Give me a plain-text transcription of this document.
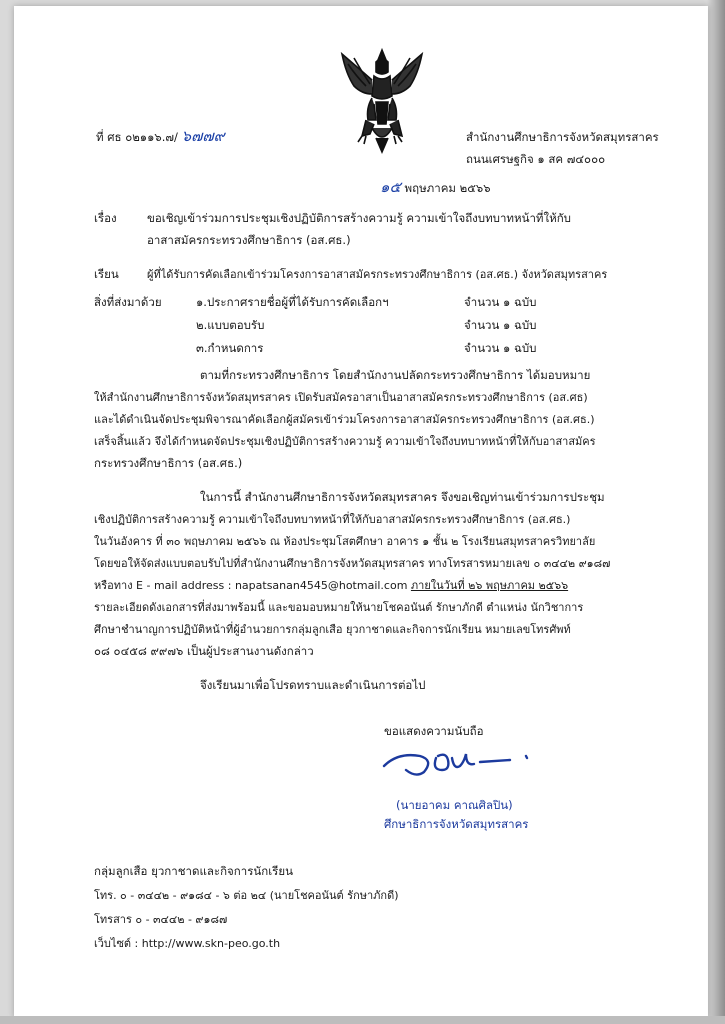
ที่ ศธ ๐๒๑๑๖.๗/ ๖๗๗๙	สำนักงานศึกษาธิการจังหวัดสมุทรสาคร
ถนนเศรษฐกิจ ๑ สค ๗๔๐๐๐
๑๕ พฤษภาคม ๒๕๖๖
เรื่อง	ขอเชิญเข้าร่วมการประชุมเชิงปฏิบัติการสร้างความรู้ ความเข้าใจถึงบทบาทหน้าที่ให้กับ
อาสาสมัครกระทรวงศึกษาธิการ (อส.ศธ.)
เรียน	ผู้ที่ได้รับการคัดเลือกเข้าร่วมโครงการอาสาสมัครกระทรวงศึกษาธิการ (อส.ศธ.) จังหวัดสมุทรสาคร
สิ่งที่ส่งมาด้วย	๑.ประกาศรายชื่อผู้ที่ได้รับการคัดเลือกฯ	จำนวน ๑ ฉบับ
๒.แบบตอบรับ	จำนวน ๑ ฉบับ
๓.กำหนดการ	จำนวน ๑ ฉบับ
ตามที่กระทรวงศึกษาธิการ โดยสำนักงานปลัดกระทรวงศึกษาธิการ ได้มอบหมาย
ให้สำนักงานศึกษาธิการจังหวัดสมุทรสาคร เปิดรับสมัครอาสาเป็นอาสาสมัครกระทรวงศึกษาธิการ (อส.ศธ)
และได้ดำเนินจัดประชุมพิจารณาคัดเลือกผู้สมัครเข้าร่วมโครงการอาสาสมัครกระทรวงศึกษาธิการ (อส.ศธ.)
เสร็จสิ้นแล้ว จึงได้กำหนดจัดประชุมเชิงปฏิบัติการสร้างความรู้ ความเข้าใจถึงบทบาทหน้าที่ให้กับอาสาสมัคร
กระทรวงศึกษาธิการ (อส.ศธ.)
ในการนี้ สำนักงานศึกษาธิการจังหวัดสมุทรสาคร จึงขอเชิญท่านเข้าร่วมการประชุม
เชิงปฏิบัติการสร้างความรู้ ความเข้าใจถึงบทบาทหน้าที่ให้กับอาสาสมัครกระทรวงศึกษาธิการ (อส.ศธ.)
ในวันอังคาร ที่ ๓๐ พฤษภาคม ๒๕๖๖ ณ ห้องประชุมโสตศึกษา อาคาร ๑ ชั้น ๒ โรงเรียนสมุทรสาครวิทยาลัย
โดยขอให้จัดส่งแบบตอบรับไปที่สำนักงานศึกษาธิการจังหวัดสมุทรสาคร ทางโทรสารหมายเลข ๐ ๓๔๔๒ ๙๑๘๗
หรือทาง E - mail address : napatsanan4545@hotmail.com ภายในวันที่ ๒๖ พฤษภาคม ๒๕๖๖
รายละเอียดดังเอกสารที่ส่งมาพร้อมนี้ และขอมอบหมายให้นายโชคอนันต์ รักษาภักดี ตำแหน่ง นักวิชาการ
ศึกษาชำนาญการปฏิบัติหน้าที่ผู้อำนวยการกลุ่มลูกเสือ ยุวกาชาดและกิจการนักเรียน หมายเลขโทรศัพท์
๐๘ ๐๔๕๘ ๙๙๗๖ เป็นผู้ประสานงานดังกล่าว
จึงเรียนมาเพื่อโปรดทราบและดำเนินการต่อไป
ขอแสดงความนับถือ
(นายอาคม คาณศิลปิน)
ศึกษาธิการจังหวัดสมุทรสาคร
กลุ่มลูกเสือ ยุวกาชาดและกิจการนักเรียน
โทร. ๐ - ๓๔๔๒ - ๙๑๘๔ - ๖ ต่อ ๒๔ (นายโชคอนันต์ รักษาภักดี)
โทรสาร ๐ - ๓๔๔๒ - ๙๑๘๗
เว็บไซต์ : http://www.skn-peo.go.th
